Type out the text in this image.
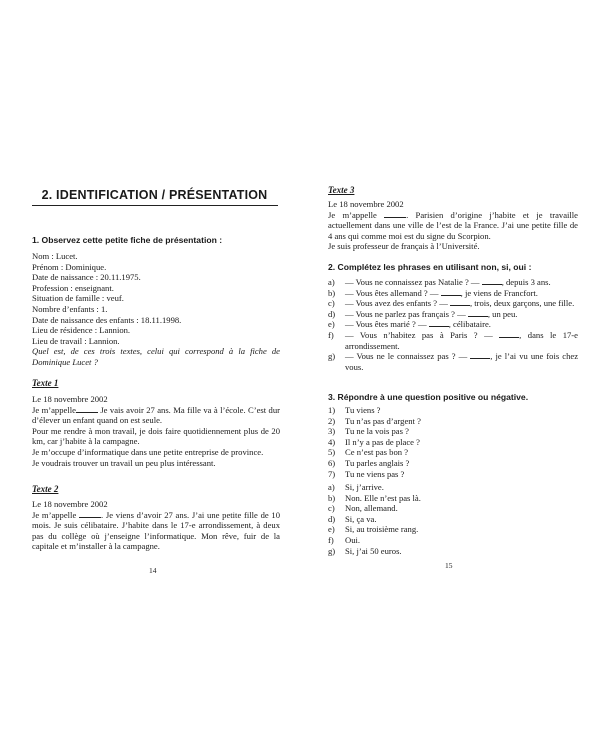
2. IDENTIFICATION / PRÉSENTATION
1. Observez cette petite fiche de présentation :
Nom : Lucet.
Prénom : Dominique.
Date de naissance : 20.11.1975.
Profession : enseignant.
Situation de famille : veuf.
Nombre d’enfants : 1.
Date de naissance des enfants : 18.11.1998.
Lieu de résidence : Lannion.
Lieu de travail : Lannion.
Quel est, de ces trois textes, celui qui correspond à la fiche de Dominique Lucet ?
Texte 1
Le 18 novembre 2002
Je m’appelle	Je vais avoir 27 ans. Ma fille va à l’école. C’est dur d’élever un enfant quand on est seule.
Pour me rendre à mon travail, je dois faire quotidiennement plus de 20 km, car j’habite à la campagne.
Je m’occupe d’informatique dans une petite entreprise de province.
Je voudrais trouver un travail un peu plus intéressant.
Texte 2
Le 18 novembre 2002
Je m’appelle	. Je viens d’avoir 27 ans. J’ai une petite fille de 10 mois. Je suis célibataire. J’habite dans le 17-e arrondissement, à deux pas du collège où j’enseigne l’informatique. Mon rêve, fuir de la capitale et m’installer à la campagne.
14
Texte 3
Le 18 novembre 2002
Je m’appelle	. Parisien d’origine j’habite et je travaille actuellement dans une ville de l’est de la France. J’ai une petite fille de 4 ans qui comme moi est du signe du Scorpion.
Je suis professeur de français à l’Université.
2. Complétez les phrases en utilisant non, si, oui :
a) — Vous ne connaissez pas Natalie ? —	, depuis 3 ans.
b) — Vous êtes allemand ? —	, je viens de Francfort.
c) — Vous avez des enfants ? —	, trois, deux garçons, une fille.
d) — Vous ne parlez pas français ? —	, un peu.
e) — Vous êtes marié ? —	, célibataire.
f) — Vous n’habitez pas à Paris ? —	, dans le 17-e arrondissement.
g) — Vous ne le connaissez pas ? —	, je l’ai vu une fois chez vous.
3. Répondre à une question positive ou négative.
1) Tu viens ?
2) Tu n’as pas d’argent ?
3) Tu ne la vois pas ?
4) Il n’y a pas de place ?
5) Ce n’est pas bon ?
6) Tu parles anglais ?
7) Tu ne viens pas ?
a) Si, j’arrive.
b) Non. Elle n’est pas là.
c) Non, allemand.
d) Si, ça va.
e) Si, au troisième rang.
f) Oui.
g) Si, j’ai 50 euros.
15
